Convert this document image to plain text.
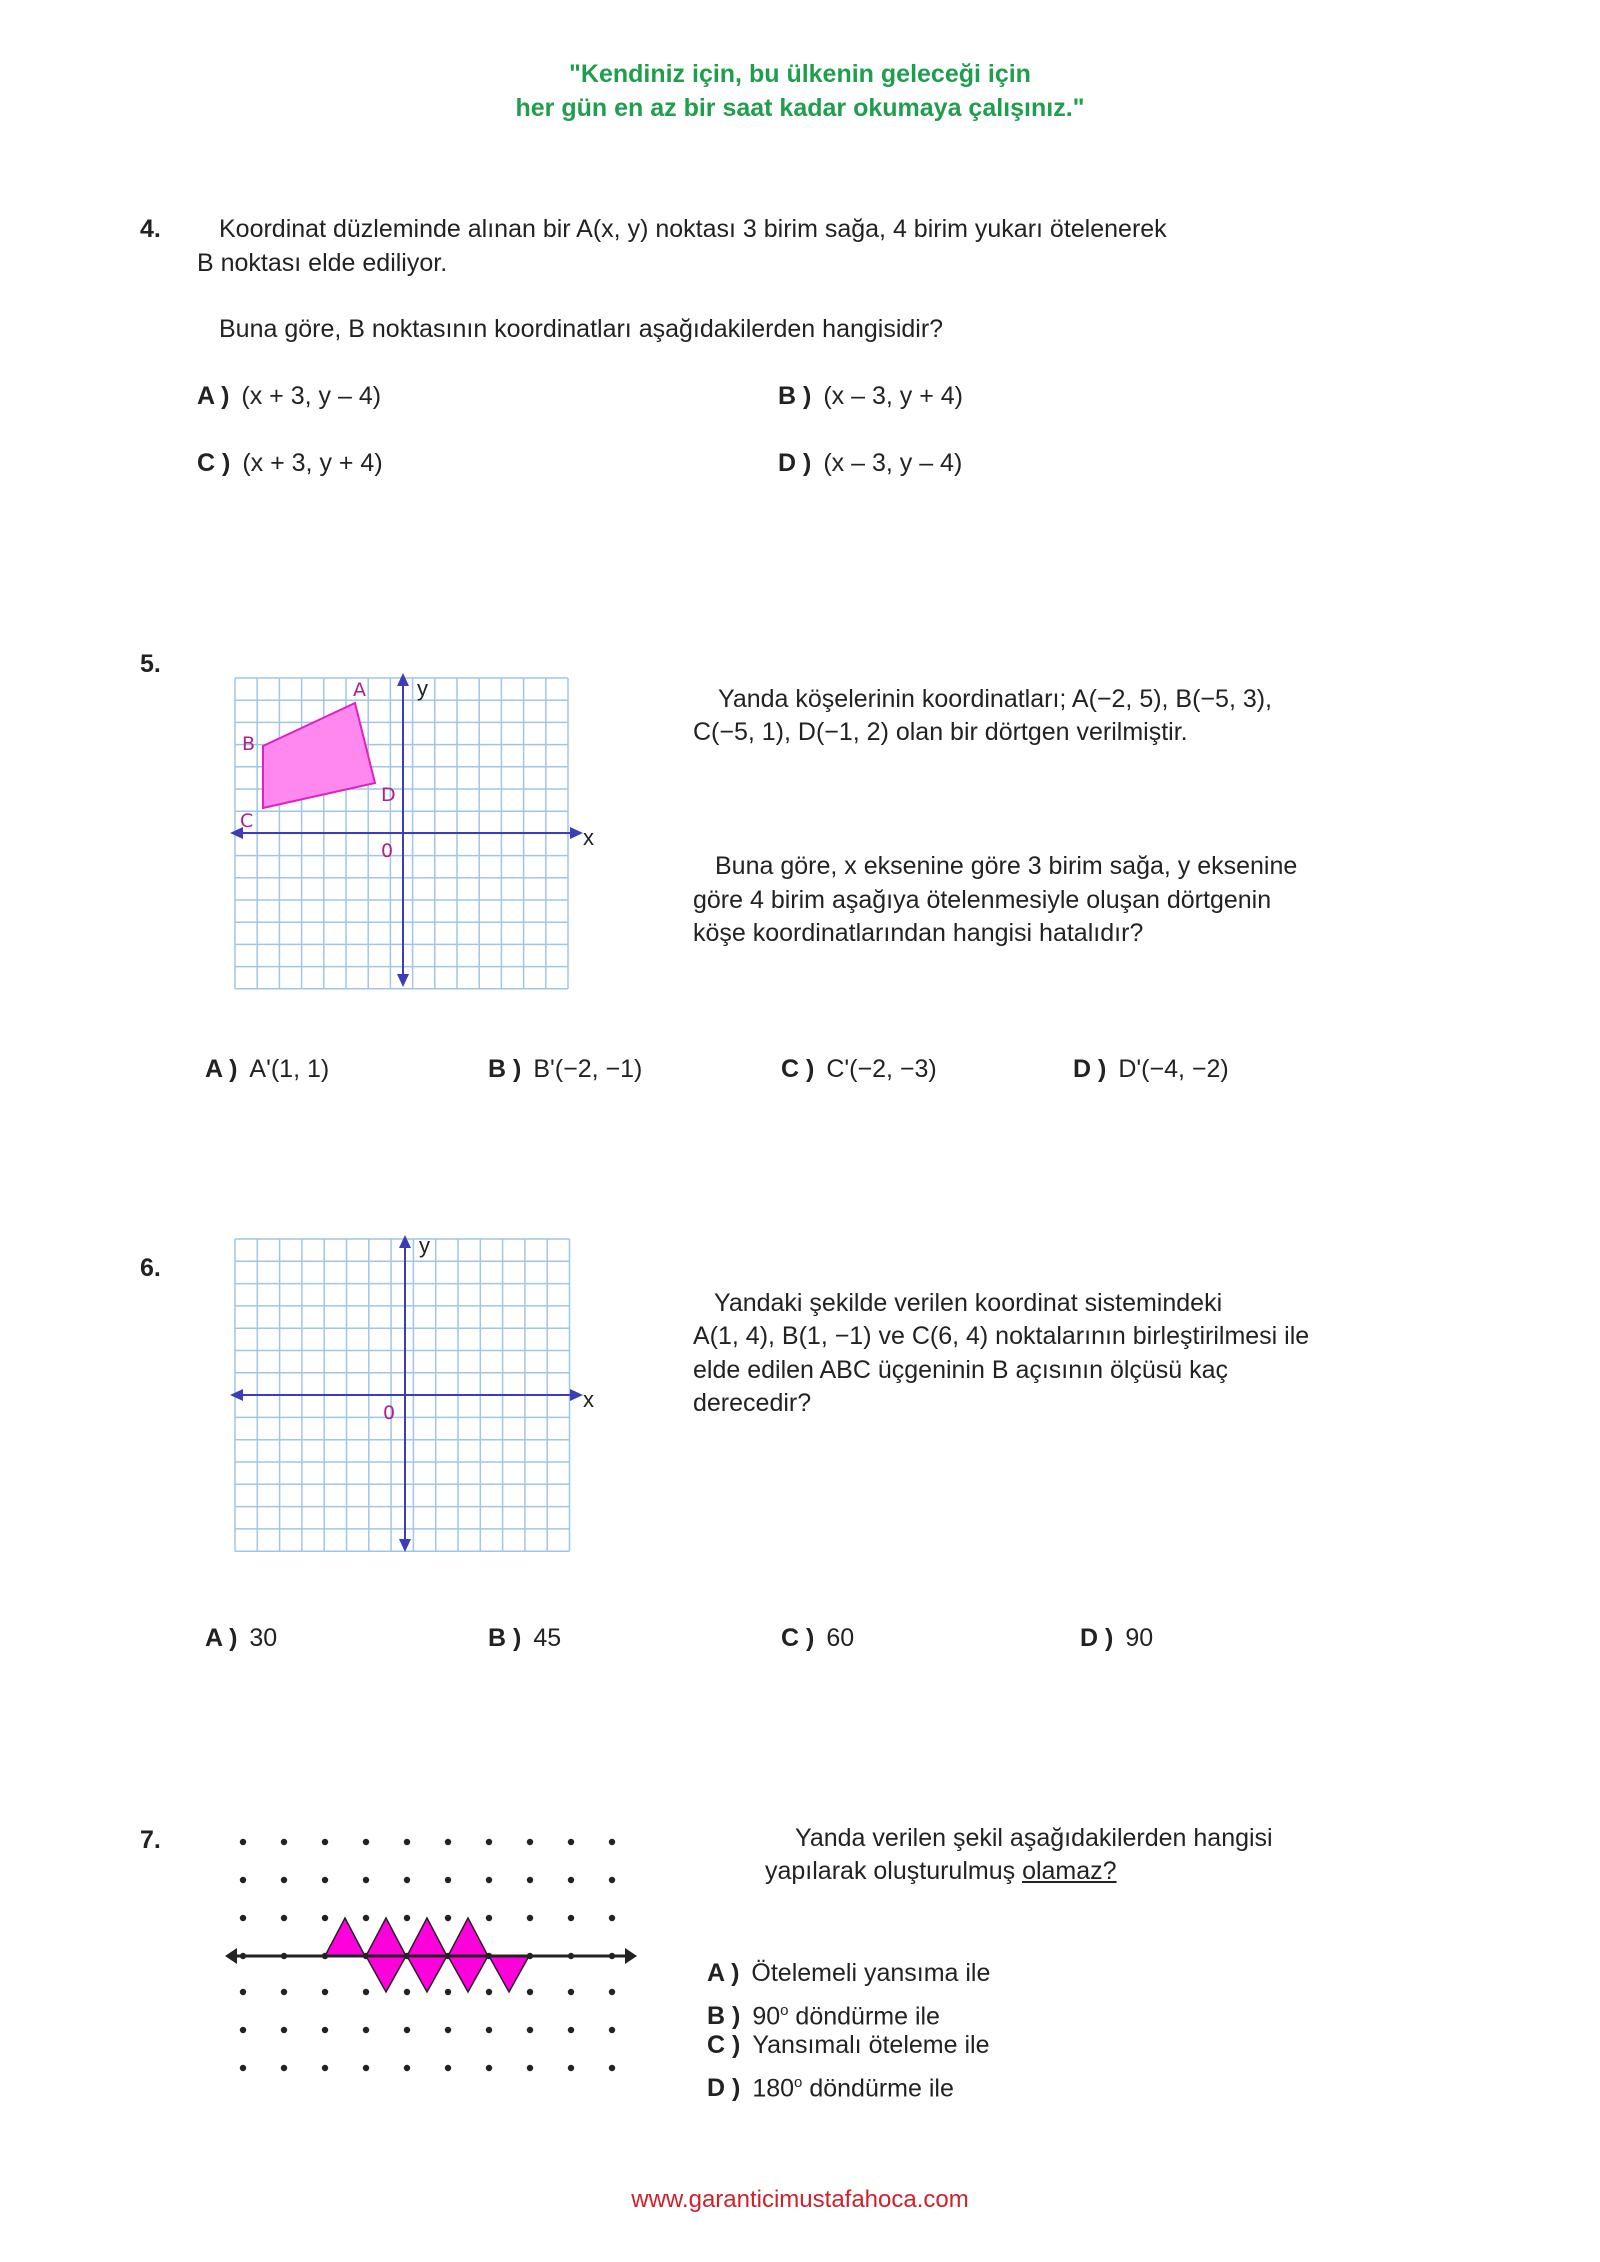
"Kendiniz için, bu ülkenin geleceği için
her gün en az bir saat kadar okumaya çalışınız."
4. Koordinat düzleminde alınan bir A(x, y) noktası 3 birim sağa, 4 birim yukarı ötelenerek
B noktası elde ediliyor.
Buna göre, B noktasının koordinatları aşağıdakilerden hangisidir?
A ) (x + 3, y – 4)	B ) (x – 3, y + 4)
C ) (x + 3, y + 4)	D ) (x – 3, y – 4)
5.
A
B
C
D
0
y
x
Yanda köşelerinin koordinatları; A(−2, 5), B(−5, 3),
C(−5, 1), D(−1, 2) olan bir dörtgen verilmiştir.
Buna göre, x eksenine göre 3 birim sağa, y eksenine
göre 4 birim aşağıya ötelenmesiyle oluşan dörtgenin
köşe koordinatlarından hangisi hatalıdır?
A ) A'(1, 1)	B ) B'(−2, −1)	C ) C'(−2, −3)	D ) D'(−4, −2)
6.
0
y
x
Yandaki şekilde verilen koordinat sistemindeki
A(1, 4), B(1, −1) ve C(6, 4) noktalarının birleştirilmesi ile
elde edilen ABC üçgeninin B açısının ölçüsü kaç
derecedir?
A ) 30	B ) 45	C ) 60	D ) 90
7.	Yanda verilen şekil aşağıdakilerden hangisi
yapılarak oluşturulmuş olamaz?
A ) Ötelemeli yansıma ile
B ) 90$^o$ döndürme ile
C ) Yansımalı öteleme ile
D ) 180$^o$ döndürme ile
www.garanticimustafahoca.com
